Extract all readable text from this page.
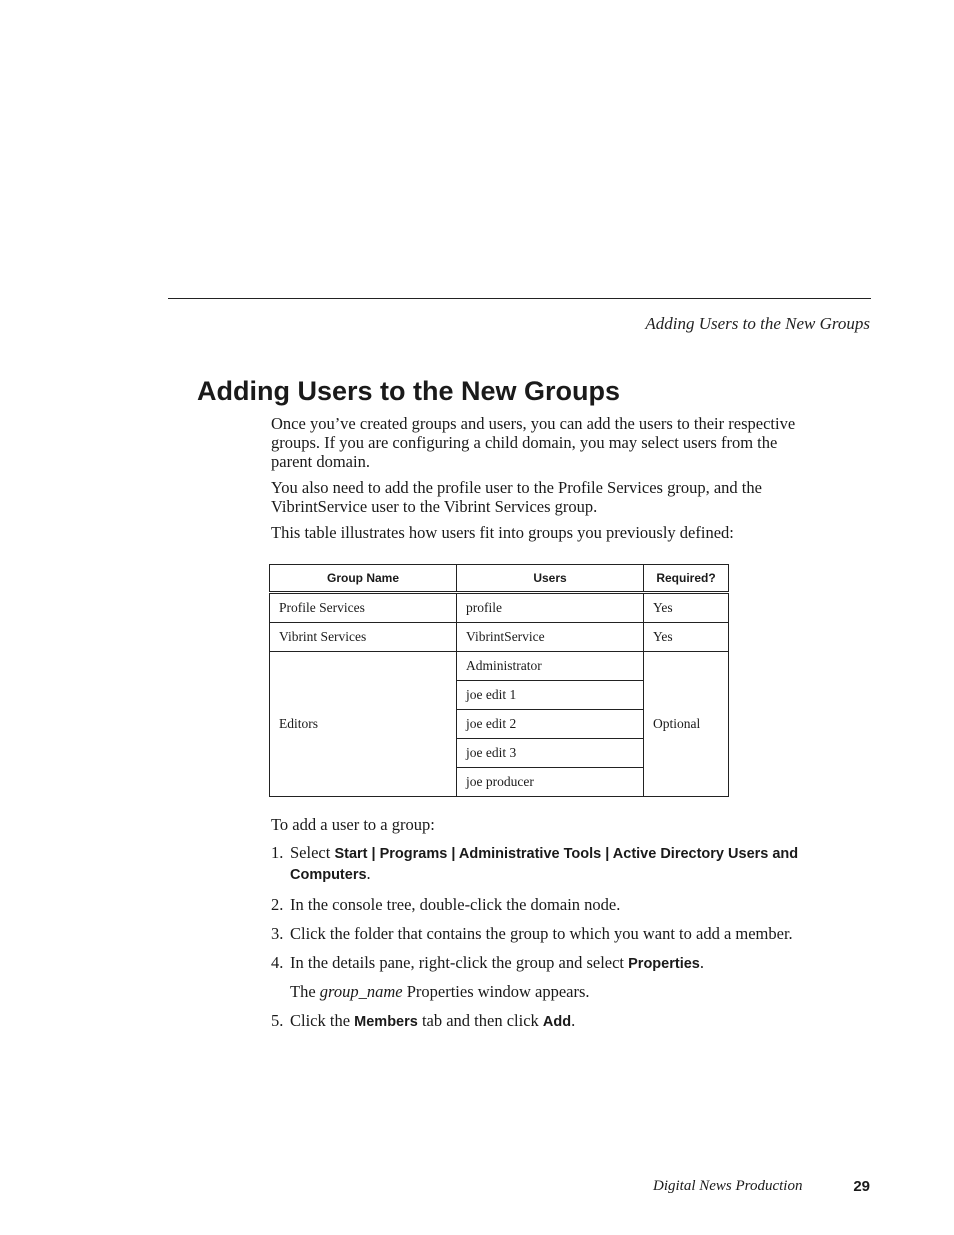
Adding Users to the New Groups
Adding Users to the New Groups

Once you’ve created groups and users, you can add the users to their respective groups. If you are configuring a child domain, you may select users from the parent domain.

You also need to add the profile user to the Profile Services group, and the VibrintService user to the Vibrint Services group.

This table illustrates how users fit into groups you previously defined:

Group Name	Users	Required?
Profile Services	profile	Yes
Vibrint Services	VibrintService	Yes
Editors	Administrator	Optional
	joe edit 1	
	joe edit 2	
	joe edit 3	
	joe producer	

To add a user to a group:

1. Select Start | Programs | Administrative Tools | Active Directory Users and Computers.
2. In the console tree, double-click the domain node.
3. Click the folder that contains the group to which you want to add a member.
4. In the details pane, right-click the group and select Properties.
The group_name Properties window appears.
5. Click the Members tab and then click Add.
Digital News Production	29
